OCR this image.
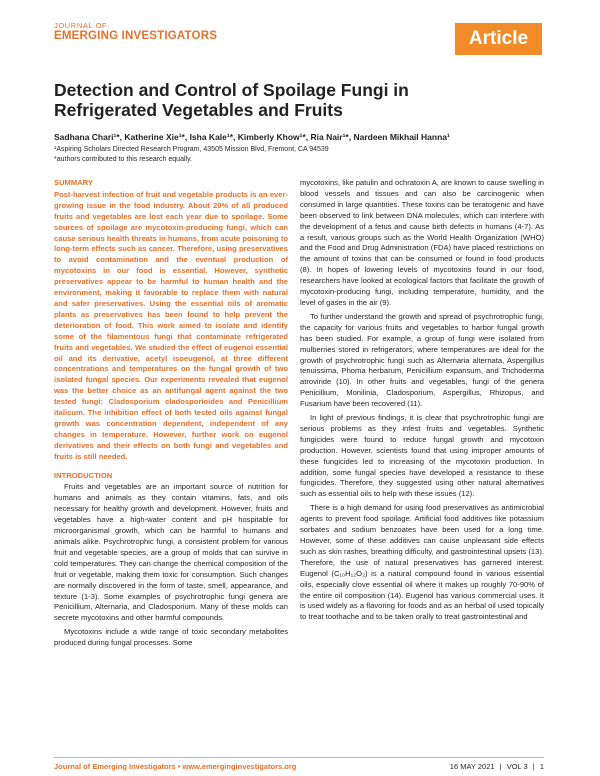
JOURNAL OF
EMERGING INVESTIGATORS	Article
Detection and Control of Spoilage Fungi in Refrigerated Vegetables and Fruits
Sadhana Chari¹*, Katherine Xie¹*, Isha Kale¹*, Kimberly Khow¹*, Ria Nair¹*, Nardeen Mikhail Hanna¹
¹Aspiring Scholars Directed Research Program, 43505 Mission Blvd, Fremont, CA 94539
*authors contributed to this research equally.
SUMMARY

Post-harvest infection of fruit and vegetable products is an ever-growing issue in the food industry. About 20% of all produced fruits and vegetables are lost each year due to spoilage. Some sources of spoilage are mycotoxin-producing fungi, which can cause serious health threats in humans, from acute poisoning to long-term effects such as cancer. Therefore, using preservatives to avoid contamination and the eventual production of mycotoxins in our food is essential. However, synthetic preservatives appear to be harmful to human health and the environment, making it favorable to replace them with natural and safer preservatives. Using the essential oils of aromatic plants as preservatives has been found to help prevent the deterioration of food. This work aimed to isolate and identify some of the filamentous fungi that contaminate refrigerated fruits and vegetables. We studied the effect of eugenol essential oil and its derivative, acetyl isoeugenol, at three different concentrations and temperatures on the fungal growth of two isolated fungal species. Our experiments revealed that eugenol was the better choice as an antifungal agent against the two tested fungi: Cladosporium cladosporioides and Penicillium italicum. The inhibition effect of both tested oils against fungal growth was concentration dependent, independent of any changes in temperature. However, further work on eugenol derivatives and their effects on both fungi and vegetables and fruits is still needed.

INTRODUCTION

Fruits and vegetables are an important source of nutrition for humans and animals as they contain vitamins, fats, and oils necessary for healthy growth and development. However, fruits and vegetables have a high-water content and pH hospitable for microorganismal growth, which can be harmful to humans and animals alike. Psychrotrophic fungi, a consistent problem for various fruit and vegetable species, are a group of molds that can survive in cold temperatures. They can change the chemical composition of the fruit or vegetable, making them toxic for consumption. Such changes are normally discovered in the form of taste, smell, appearance, and texture (1-3). Some examples of psychrotrophic fungi genera are Penicillium, Alternaria, and Cladosporium. Many of these molds can secrete mycotoxins and other harmful compounds.

Mycotoxins include a wide range of toxic secondary metabolites produced during fungal processes. Some

mycotoxins, like patulin and ochratoxin A, are known to cause swelling in blood vessels and tissues and can also be carcinogenic when consumed in large quantities. These toxins can be teratogenic and have been observed to link between DNA molecules, which can interfere with the development of a fetus and cause birth defects in humans (4-7). As a result, various groups such as the World Health Organization (WHO) and the Food and Drug Administration (FDA) have placed restrictions on the amount of toxins that can be consumed or found in food products (8). In hopes of lowering levels of mycotoxins found in our food, researchers have looked at ecological factors that facilitate the growth of mycotoxin-producing fungi, including temperature, humidity, and the level of gases in the air (9).

To further understand the growth and spread of psychrotrophic fungi, the capacity for various fruits and vegetables to harbor fungal growth has been studied. For example, a group of fungi were isolated from mulberries stored in refrigerators, where temperatures are ideal for the growth of psychrotrophic fungi such as Alternaria alternata, Aspergillus tenuissima, Phoma herbarum, Penicillium expansum, and Trichoderma atroviride (10). In other fruits and vegetables, fungi of the genera Penicillium, Monilinia, Cladosporium, Aspergillus, Rhizopus, and Fusarium have been recovered (11).

In light of previous findings, it is clear that psychrotrophic fungi are serious problems as they infest fruits and vegetables. Synthetic fungicides were found to reduce fungal growth and mycotoxin production. However, scientists found that using improper amounts of these fungicides led to increasing of the mycotoxin production. In addition, some fungal species have developed a resistance to these fungicides. Therefore, they suggested using other natural alternatives such as essential oils to help with these issues (12).

There is a high demand for using food preservatives as antimicrobial agents to prevent food spoilage. Artificial food additives like potassium sorbates and sodium benzoates have been used for a long time. However, some of these additives can cause unpleasant side effects such as skin rashes, breathing difficulty, and gastrointestinal upsets (13). Therefore, the use of natural preservatives has garnered interest. Eugenol (C₁₀H₁₂O₂) is a natural compound found in various essential oils, especially clove essential oil where it makes up roughly 70-90% of the entire oil composition (14). Eugenol has various commercial uses. It is used widely as a flavoring for foods and as an herbal oil used topically to treat toothache and to be taken orally to treat gastrointestinal and

Journal of Emerging Investigators • www.emerginginvestigators.org	16 MAY 2021 | VOL 3 | 1
